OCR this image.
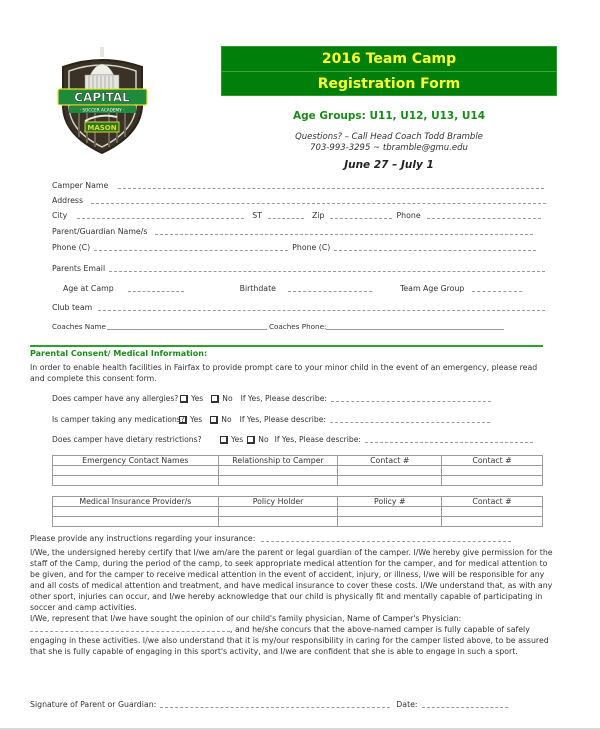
CAPITAL
· SOCCER ACADEMY ·
MASON
2016 Team Camp
Registration Form
Age Groups: U11, U12, U13, U14
Questions? – Call Head Coach Todd Bramble
703-993-3295 ~ tbramble@gmu.edu
June 27 – July 1
Camper Name
Address
City	ST	Zip	Phone
Parent/Guardian Name/s
Phone (C)	Phone (C)
Parents Email
Age at Camp	Birthdate	Team Age Group
Club team
Coaches Name	Coaches Phone:
Parental Consent/ Medical Information:
In order to enable health facilities in Fairfax to provide prompt care to your minor child in the event of an emergency, please read and complete this consent form.
Does camper have any allergies? Yes	No If Yes, Please describe:
Is camper taking any medications? Yes	No If Yes, Please describe:
Does camper have dietary restrictions?	Yes No If Yes, Please describe:
Emergency Contact Names	Relationship to Camper	Contact #	Contact #

Medical Insurance Provider/s	Policy Holder	Policy #	Contact #

Please provide any instructions regarding your insurance:
I/We, the undersigned hereby certify that I/we am/are the parent or legal guardian of the camper. I/We hereby give permission for the staff of the Camp, during the period of the camp, to seek appropriate medical attention for the camper, and for medical attention to be given, and for the camper to receive medical attention in the event of accident, injury, or illness, I/we will be responsible for any and all costs of medical attention and treatment, and have medical insurance to cover these costs. I/We understand that, as with any other sport, injuries can occur, and I/we hereby acknowledge that our child is physically fit and mentally capable of participating in soccer and camp activities.
I/We, represent that I/we have sought the opinion of our child's family physician, Name of Camper's Physician: , and he/she concurs that the above-named camper is fully capable of safely engaging in these activities. I/we also understand that it is my/our responsibility in caring for the camper listed above, to be assured that she is fully capable of engaging in this sport's activity, and I/we are confident that she is able to engage in such a sport.
Signature of Parent or Guardian:	Date:
